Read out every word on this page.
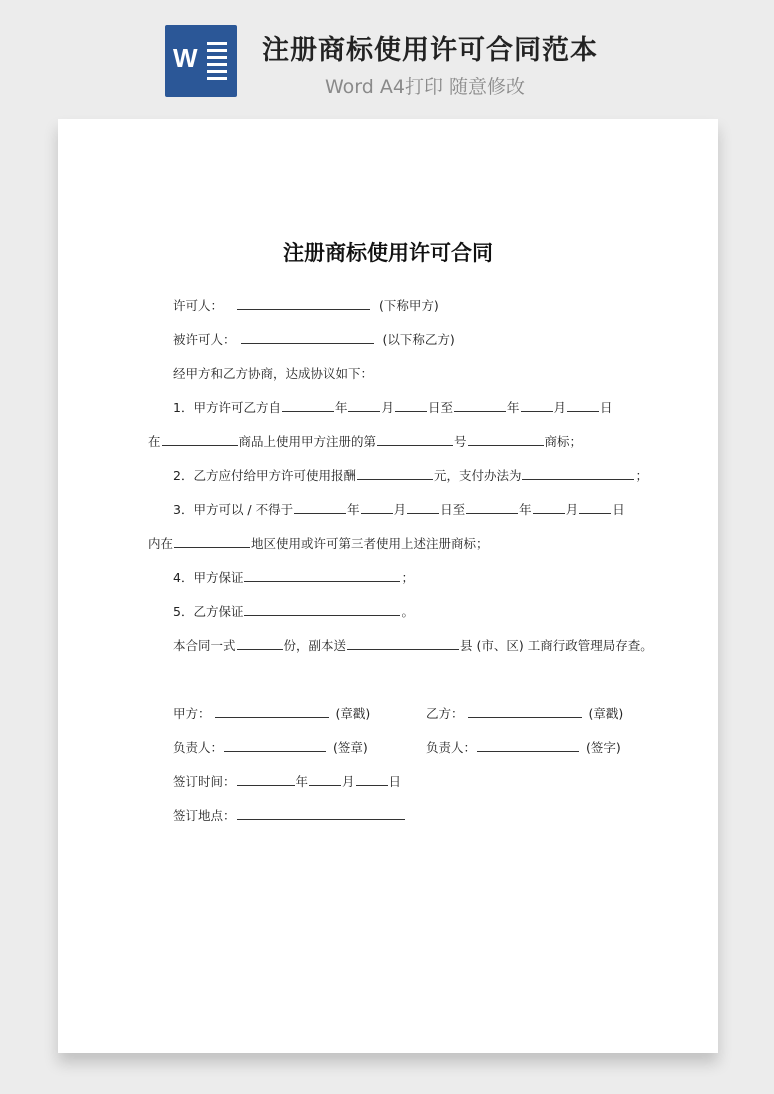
W 注册商标使用许可合同范本
Word A4打印 随意修改
注册商标使用许可合同
许可人：	(下称甲方)
被许可人：	(以下称乙方)
经甲方和乙方协商，达成协议如下：
1．甲方许可乙方自	年	月	日至	年	月	日
在	商品上使用甲方注册的第	号	商标；
2．乙方应付给甲方许可使用报酬	元，支付办法为	；
3．甲方可以 / 不得于	年	月	日至	年	月	日
内在	地区使用或许可第三者使用上述注册商标；
4．甲方保证	；
5．乙方保证	。
本合同一式	份，副本送	县 (市、区) 工商行政管理局存查。
甲方：	(章戳)	乙方：	(章戳)
负责人：	(签章)	负责人：	(签字)
签订时间：	年	月	日
签订地点：
